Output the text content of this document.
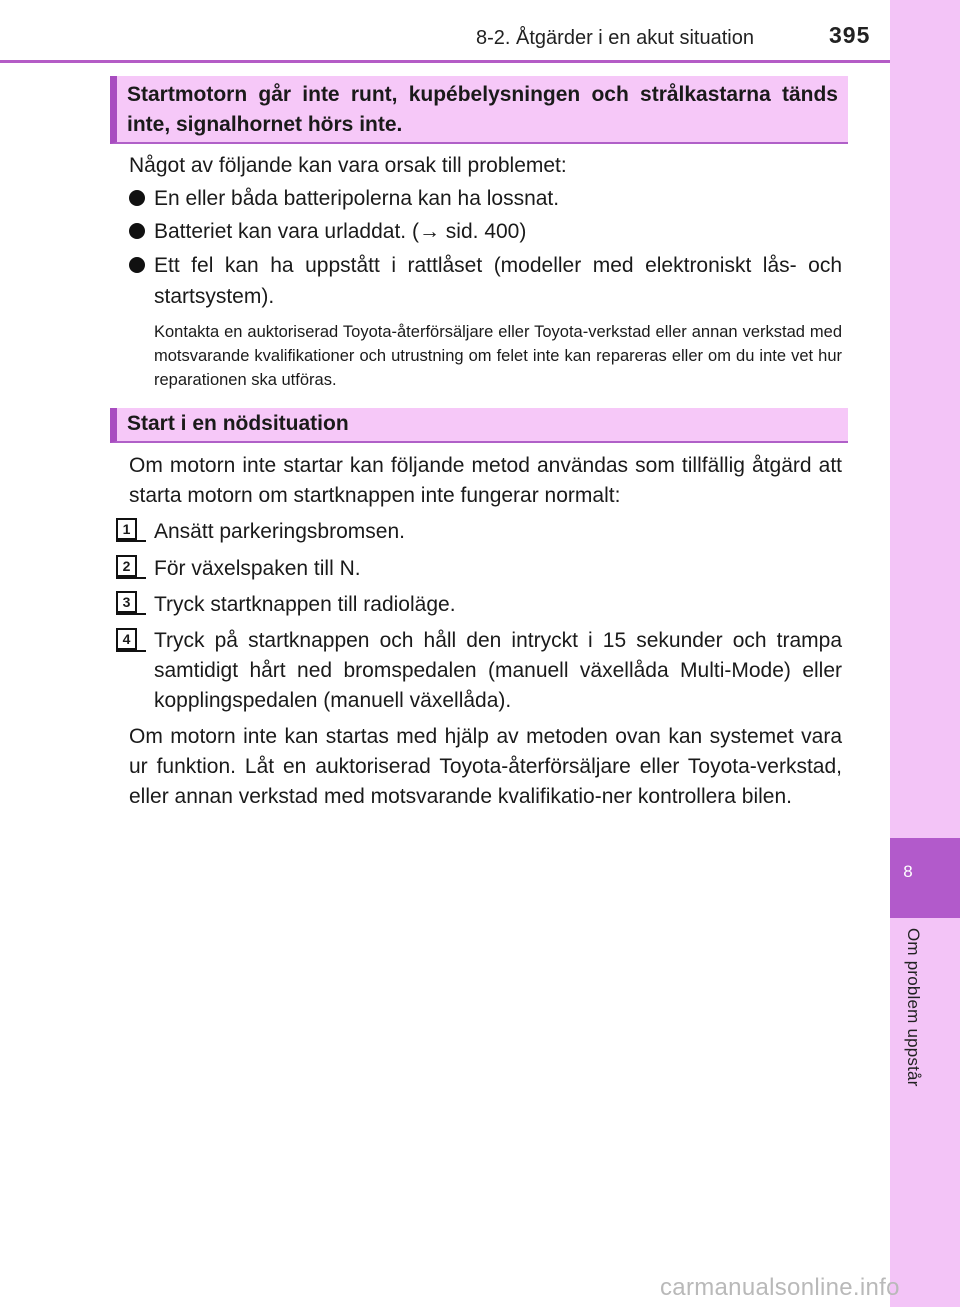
8-2. Åtgärder i en akut situation	395
8
Om problem uppstår
Startmotorn går inte runt, kupébelysningen och strålkastarna tänds inte, signalhornet hörs inte.
Något av följande kan vara orsak till problemet:
En eller båda batteripolerna kan ha lossnat.
Batteriet kan vara urladdat. (→ sid. 400)
Ett fel kan ha uppstått i rattlåset (modeller med elektroniskt lås- och startsystem).
Kontakta en auktoriserad Toyota-återförsäljare eller Toyota-verkstad eller annan verkstad med motsvarande kvalifikationer och utrustning om felet inte kan repareras eller om du inte vet hur reparationen ska utföras.
Start i en nödsituation
Om motorn inte startar kan följande metod användas som tillfällig åtgärd att starta motorn om startknappen inte fungerar normalt:
1	Ansätt parkeringsbromsen.
2	För växelspaken till N.
3	Tryck startknappen till radioläge.
4	Tryck på startknappen och håll den intryckt i 15 sekunder och trampa samtidigt hårt ned bromspedalen (manuell växellåda Multi-Mode) eller kopplingspedalen (manuell växellåda).
Om motorn inte kan startas med hjälp av metoden ovan kan systemet vara ur funktion. Låt en auktoriserad Toyota-återförsäljare eller Toyota-verkstad, eller annan verkstad med motsvarande kvalifikatio-ner kontrollera bilen.
carmanualsonline.info
